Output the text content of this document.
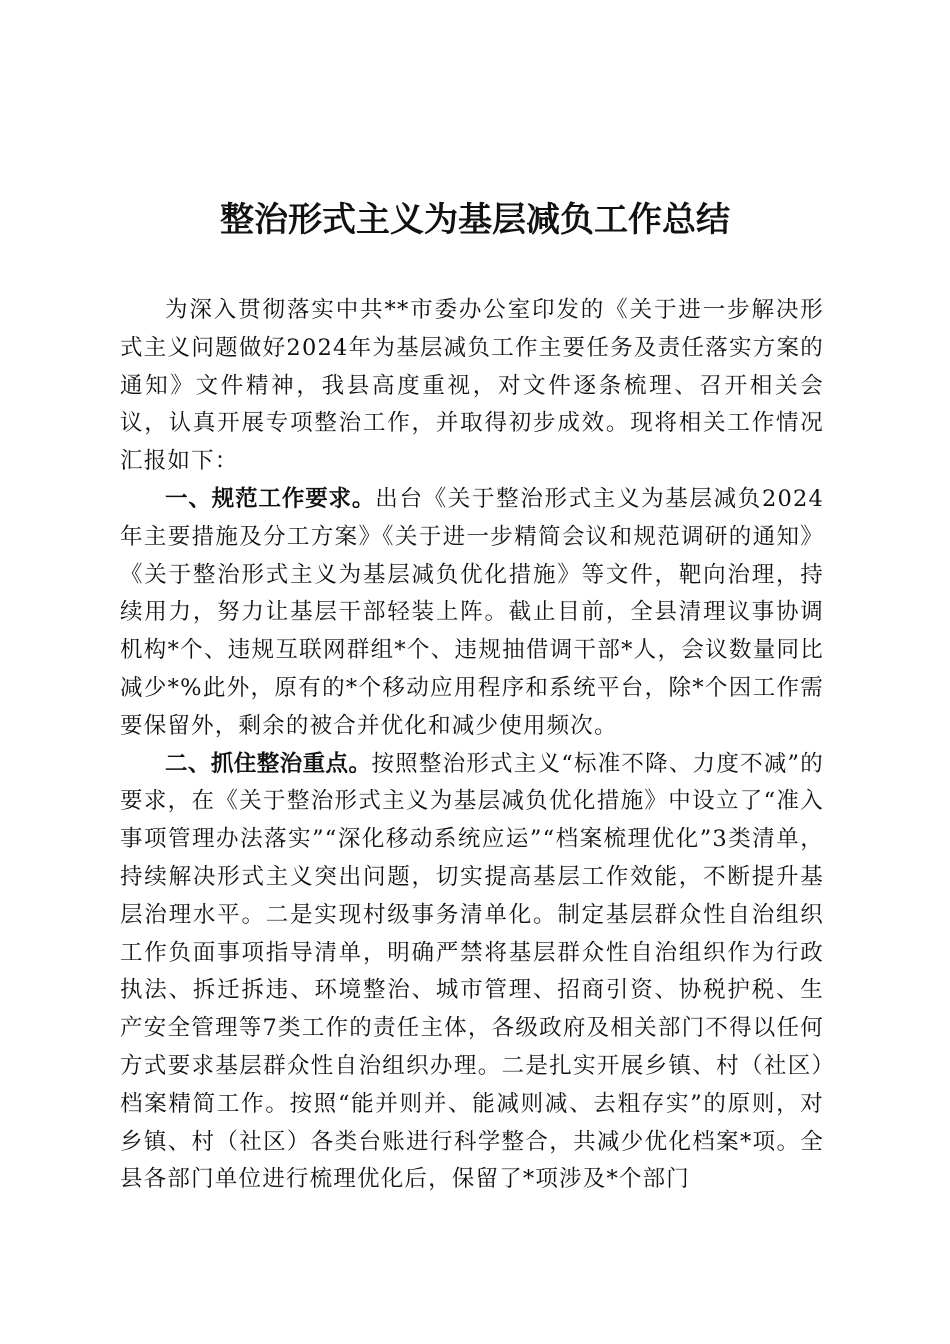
整治形式主义为基层减负工作总结

为深入贯彻落实中共**市委办公室印发的《关于进一步解决形式主义问题做好2024年为基层减负工作主要任务及责任落实方案的通知》文件精神，我县高度重视，对文件逐条梳理、召开相关会议，认真开展专项整治工作，并取得初步成效。现将相关工作情况汇报如下：

一、规范工作要求。出台《关于整治形式主义为基层减负2024年主要措施及分工方案》《关于进一步精简会议和规范调研的通知》《关于整治形式主义为基层减负优化措施》等文件，靶向治理，持续用力，努力让基层干部轻装上阵。截止目前，全县清理议事协调机构*个、违规互联网群组*个、违规抽借调干部*人，会议数量同比减少*%此外，原有的*个移动应用程序和系统平台，除*个因工作需要保留外，剩余的被合并优化和减少使用频次。

二、抓住整治重点。按照整治形式主义“标准不降、力度不减”的要求，在《关于整治形式主义为基层减负优化措施》中设立了“准入事项管理办法落实”“深化移动系统应运”“档案梳理优化”3类清单，持续解决形式主义突出问题，切实提高基层工作效能，不断提升基层治理水平。二是实现村级事务清单化。制定基层群众性自治组织工作负面事项指导清单，明确严禁将基层群众性自治组织作为行政执法、拆迁拆违、环境整治、城市管理、招商引资、协税护税、生产安全管理等7类工作的责任主体，各级政府及相关部门不得以任何方式要求基层群众性自治组织办理。二是扎实开展乡镇、村（社区）档案精简工作。按照“能并则并、能减则减、去粗存实”的原则，对乡镇、村（社区）各类台账进行科学整合，共减少优化档案*项。全县各部门单位进行梳理优化后，保留了*项涉及*个部门
